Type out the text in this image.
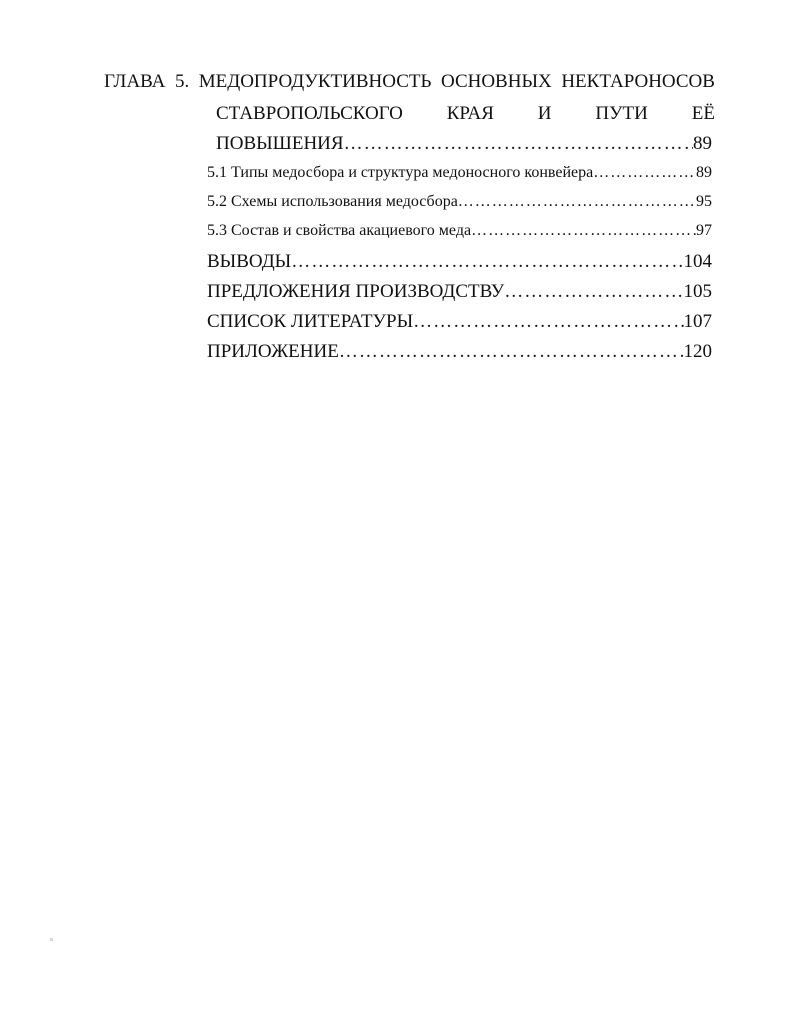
ГЛАВА 5. МЕДОПРОДУКТИВНОСТЬ ОСНОВНЫХ НЕКТАРОНОСОВ
СТАВРОПОЛЬСКОГО КРАЯ И ПУТИ ЕЁ
ПОВЫШЕНИЯ …………………………………………………………………………………………………………………………………………	89
5.1 Типы медосбора и структура медоносного конвейера …………………………………………………………………………………………………………………………………………	89
5.2 Схемы использования медосбора …………………………………………………………………………………………………………………………………………	95
5.3 Состав и свойства акациевого меда …………………………………………………………………………………………………………………………………………	97
ВЫВОДЫ …………………………………………………………………………………………………………………………………………	104
ПРЕДЛОЖЕНИЯ ПРОИЗВОДСТВУ …………………………………………………………………………………………………………………………………………	105
СПИСОК ЛИТЕРАТУРЫ …………………………………………………………………………………………………………………………………………	107
ПРИЛОЖЕНИЕ …………………………………………………………………………………………………………………………………………	120
